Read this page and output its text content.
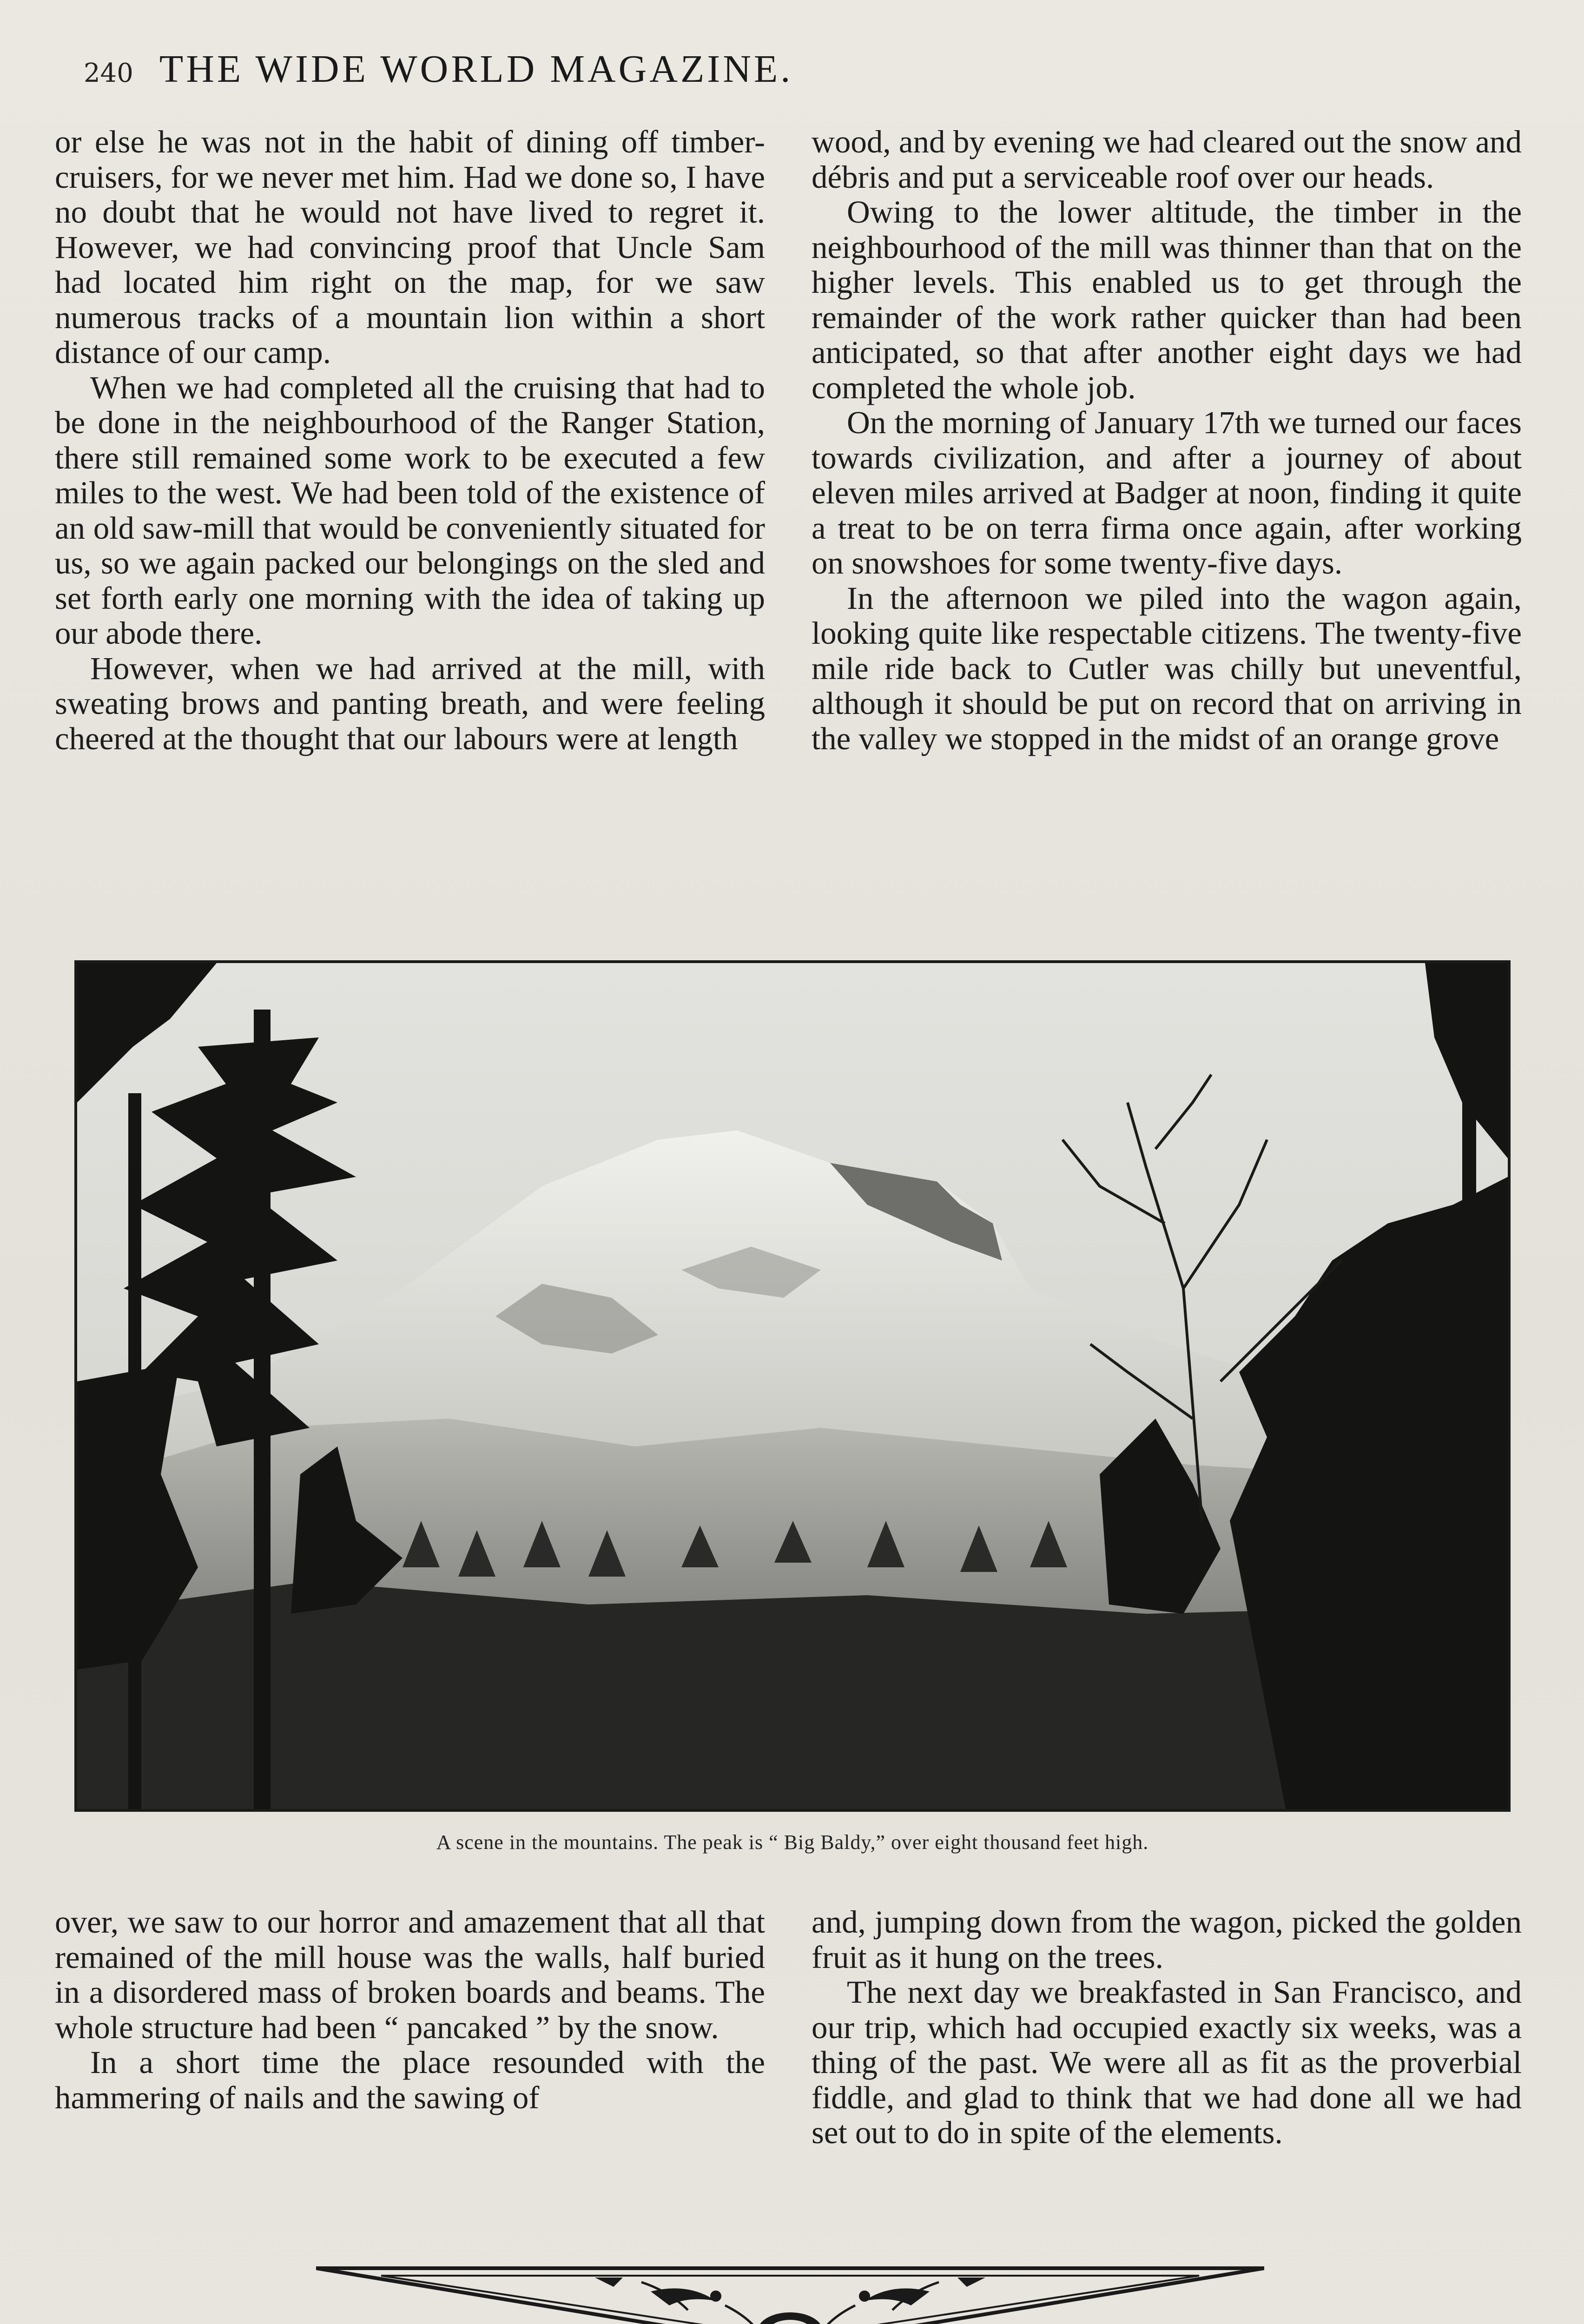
240 THE WIDE WORLD MAGAZINE.

or else he was not in the habit of dining off timber-cruisers, for we never met him. Had we done so, I have no doubt that he would not have lived to regret it. However, we had convincing proof that Uncle Sam had located him right on the map, for we saw numerous tracks of a mountain lion within a short distance of our camp.

When we had completed all the cruising that had to be done in the neighbourhood of the Ranger Station, there still remained some work to be executed a few miles to the west. We had been told of the existence of an old saw-mill that would be conveniently situated for us, so we again packed our belongings on the sled and set forth early one morning with the idea of taking up our abode there.

However, when we had arrived at the mill, with sweating brows and panting breath, and were feeling cheered at the thought that our labours were at length

wood, and by evening we had cleared out the snow and débris and put a serviceable roof over our heads.

Owing to the lower altitude, the timber in the neighbourhood of the mill was thinner than that on the higher levels. This enabled us to get through the remainder of the work rather quicker than had been anticipated, so that after another eight days we had completed the whole job.

On the morning of January 17th we turned our faces towards civilization, and after a journey of about eleven miles arrived at Badger at noon, finding it quite a treat to be on terra firma once again, after working on snowshoes for some twenty-five days.

In the afternoon we piled into the wagon again, looking quite like respectable citizens. The twenty-five mile ride back to Cutler was chilly but uneventful, although it should be put on record that on arriving in the valley we stopped in the midst of an orange grove

A scene in the mountains. The peak is “ Big Baldy,” over eight thousand feet high.

over, we saw to our horror and amazement that all that remained of the mill house was the walls, half buried in a disordered mass of broken boards and beams. The whole structure had been “ pancaked ” by the snow.

In a short time the place resounded with the hammering of nails and the sawing of

and, jumping down from the wagon, picked the golden fruit as it hung on the trees.

The next day we breakfasted in San Francisco, and our trip, which had occupied exactly six weeks, was a thing of the past. We were all as fit as the proverbial fiddle, and glad to think that we had done all we had set out to do in spite of the elements.
